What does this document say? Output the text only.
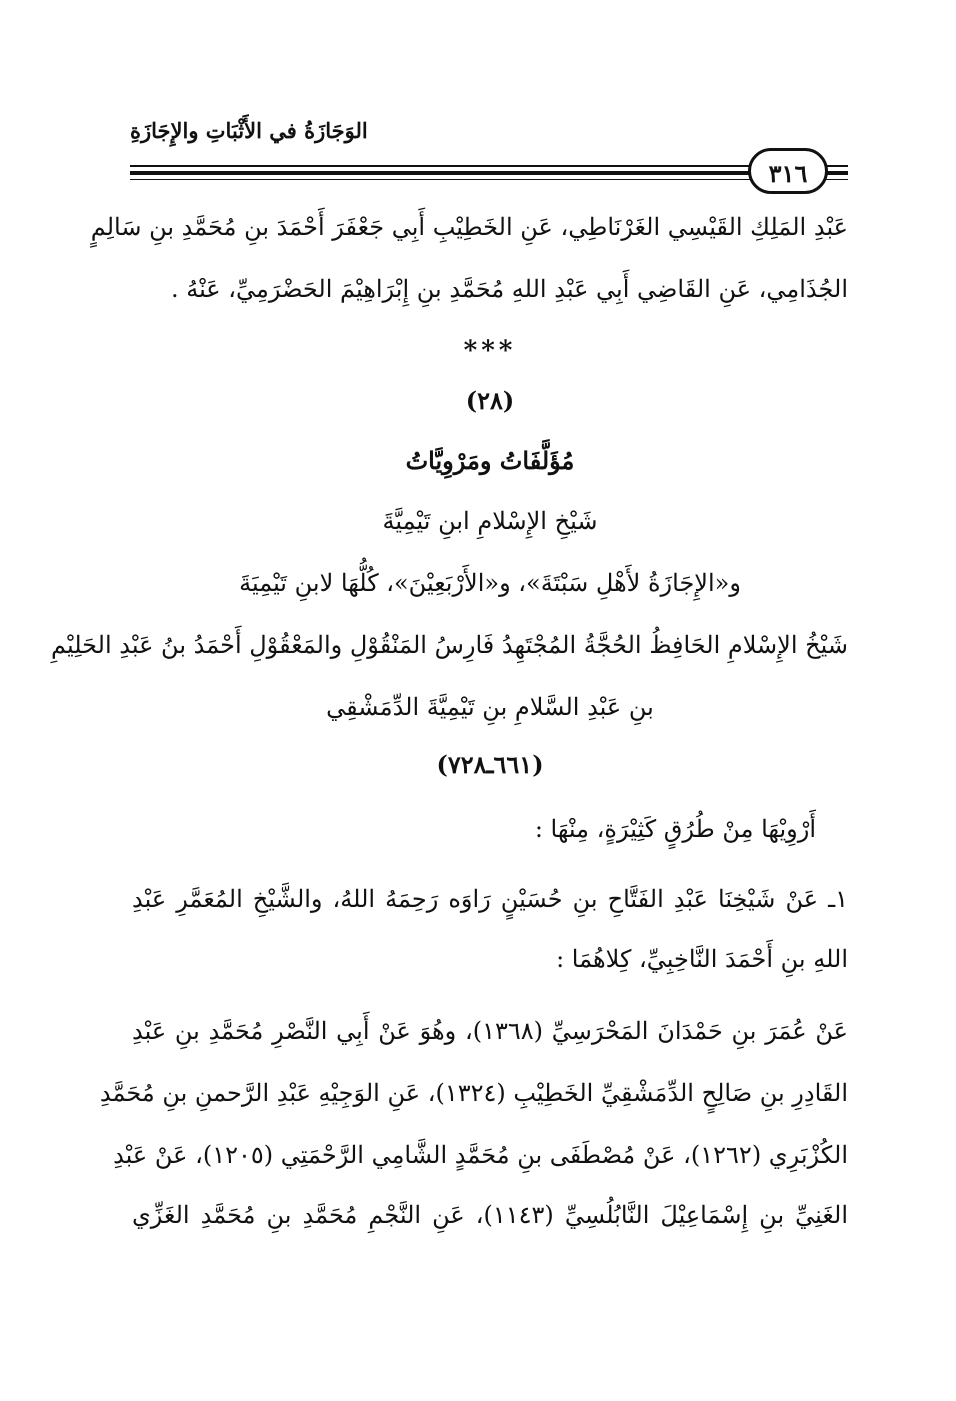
الوَجَازَةُ في الأَثْبَاتِ والإِجَازَةِ
٣١٦
عَبْدِ المَلِكِ القَيْسِي الغَرْنَاطِي، عَنِ الخَطِيْبِ أَبِي جَعْفَرَ أَحْمَدَ بنِ مُحَمَّدِ بنِ سَالِمٍ
الجُذَامِي، عَنِ القَاضِي أَبِي عَبْدِ اللهِ مُحَمَّدِ بنِ إِبْرَاهِيْمَ الحَضْرَمِيِّ، عَنْهُ .
***
(٢٨)
مُؤَلَّفَاتُ ومَرْوِيَّاتُ
شَيْخِ الإِسْلامِ ابنِ تَيْمِيَّةَ
و«الإِجَازَةُ لأَهْلِ سَبْتَةَ»، و«الأَرْبَعِيْنَ»، كُلُّهَا لابنِ تَيْمِيَةَ
شَيْخُ الإِسْلامِ الحَافِظُ الحُجَّةُ المُجْتَهِدُ فَارِسُ المَنْقُوْلِ والمَعْقُوْلِ أَحْمَدُ بنُ عَبْدِ الحَلِيْمِ
بنِ عَبْدِ السَّلامِ بنِ تَيْمِيَّةَ الدِّمَشْقِي
(٦٦١ـ٧٢٨)
أَرْوِيْهَا مِنْ طُرُقٍ كَثِيْرَةٍ، مِنْهَا :
١ـ عَنْ شَيْخِنَا عَبْدِ الفَتَّاحِ بنِ حُسَيْنٍ رَاوَه رَحِمَهُ اللهُ، والشَّيْخِ المُعَمَّرِ عَبْدِ
اللهِ بنِ أَحْمَدَ النَّاخِبِيِّ، كِلاهُمَا :
عَنْ عُمَرَ بنِ حَمْدَانَ المَحْرَسِيِّ (١٣٦٨)، وهُوَ عَنْ أَبِي النَّصْرِ مُحَمَّدِ بنِ عَبْدِ
القَادِرِ بنِ صَالِحٍ الدِّمَشْقِيِّ الخَطِيْبِ (١٣٢٤)، عَنِ الوَجِيْهِ عَبْدِ الرَّحمنِ بنِ مُحَمَّدِ
الكُزْبَرِي (١٢٦٢)، عَنْ مُصْطَفَى بنِ مُحَمَّدٍ الشَّامِي الرَّحْمَتِي (١٢٠٥)، عَنْ عَبْدِ
الغَنِيِّ بنِ إِسْمَاعِيْلَ النَّابُلُسِيِّ (١١٤٣)، عَنِ النَّجْمِ مُحَمَّدِ بنِ مُحَمَّدِ الغَزِّي
